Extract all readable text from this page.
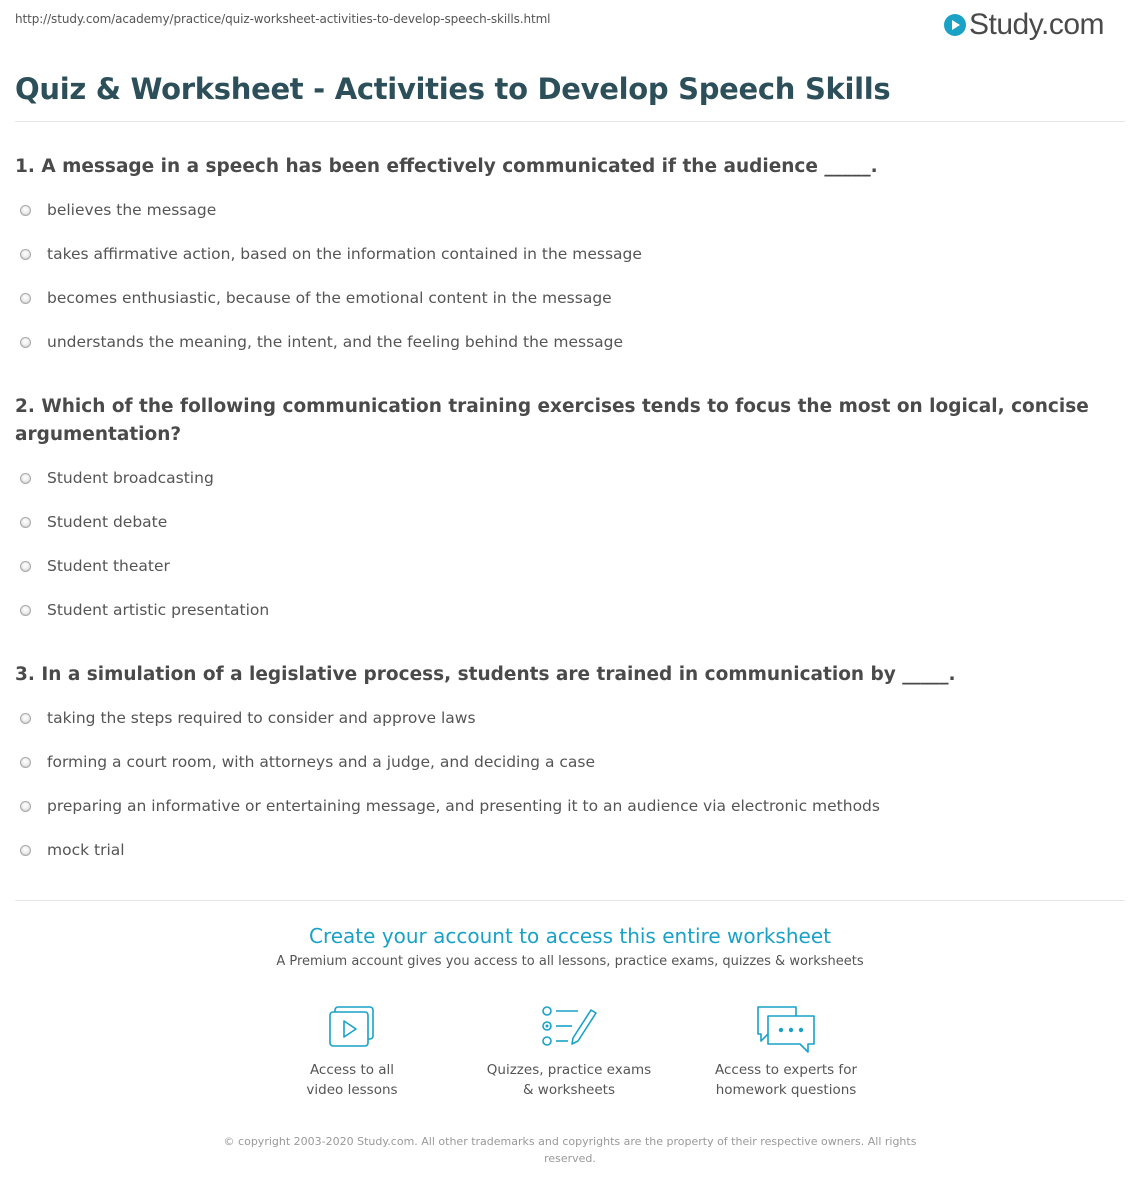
http://study.com/academy/practice/quiz-worksheet-activities-to-develop-speech-skills.html	Study.com
Quiz & Worksheet - Activities to Develop Speech Skills
1. A message in a speech has been effectively communicated if the audience _____.
believes the message
takes affirmative action, based on the information contained in the message
becomes enthusiastic, because of the emotional content in the message
understands the meaning, the intent, and the feeling behind the message
2. Which of the following communication training exercises tends to focus the most on logical, concise argumentation?
Student broadcasting
Student debate
Student theater
Student artistic presentation
3. In a simulation of a legislative process, students are trained in communication by _____.
taking the steps required to consider and approve laws
forming a court room, with attorneys and a judge, and deciding a case
preparing an informative or entertaining message, and presenting it to an audience via electronic methods
mock trial
Create your account to access this entire worksheet
A Premium account gives you access to all lessons, practice exams, quizzes & worksheets
Access to all
video lessons
Quizzes, practice exams
& worksheets
Access to experts for
homework questions
© copyright 2003-2020 Study.com. All other trademarks and copyrights are the property of their respective owners. All rights reserved.
